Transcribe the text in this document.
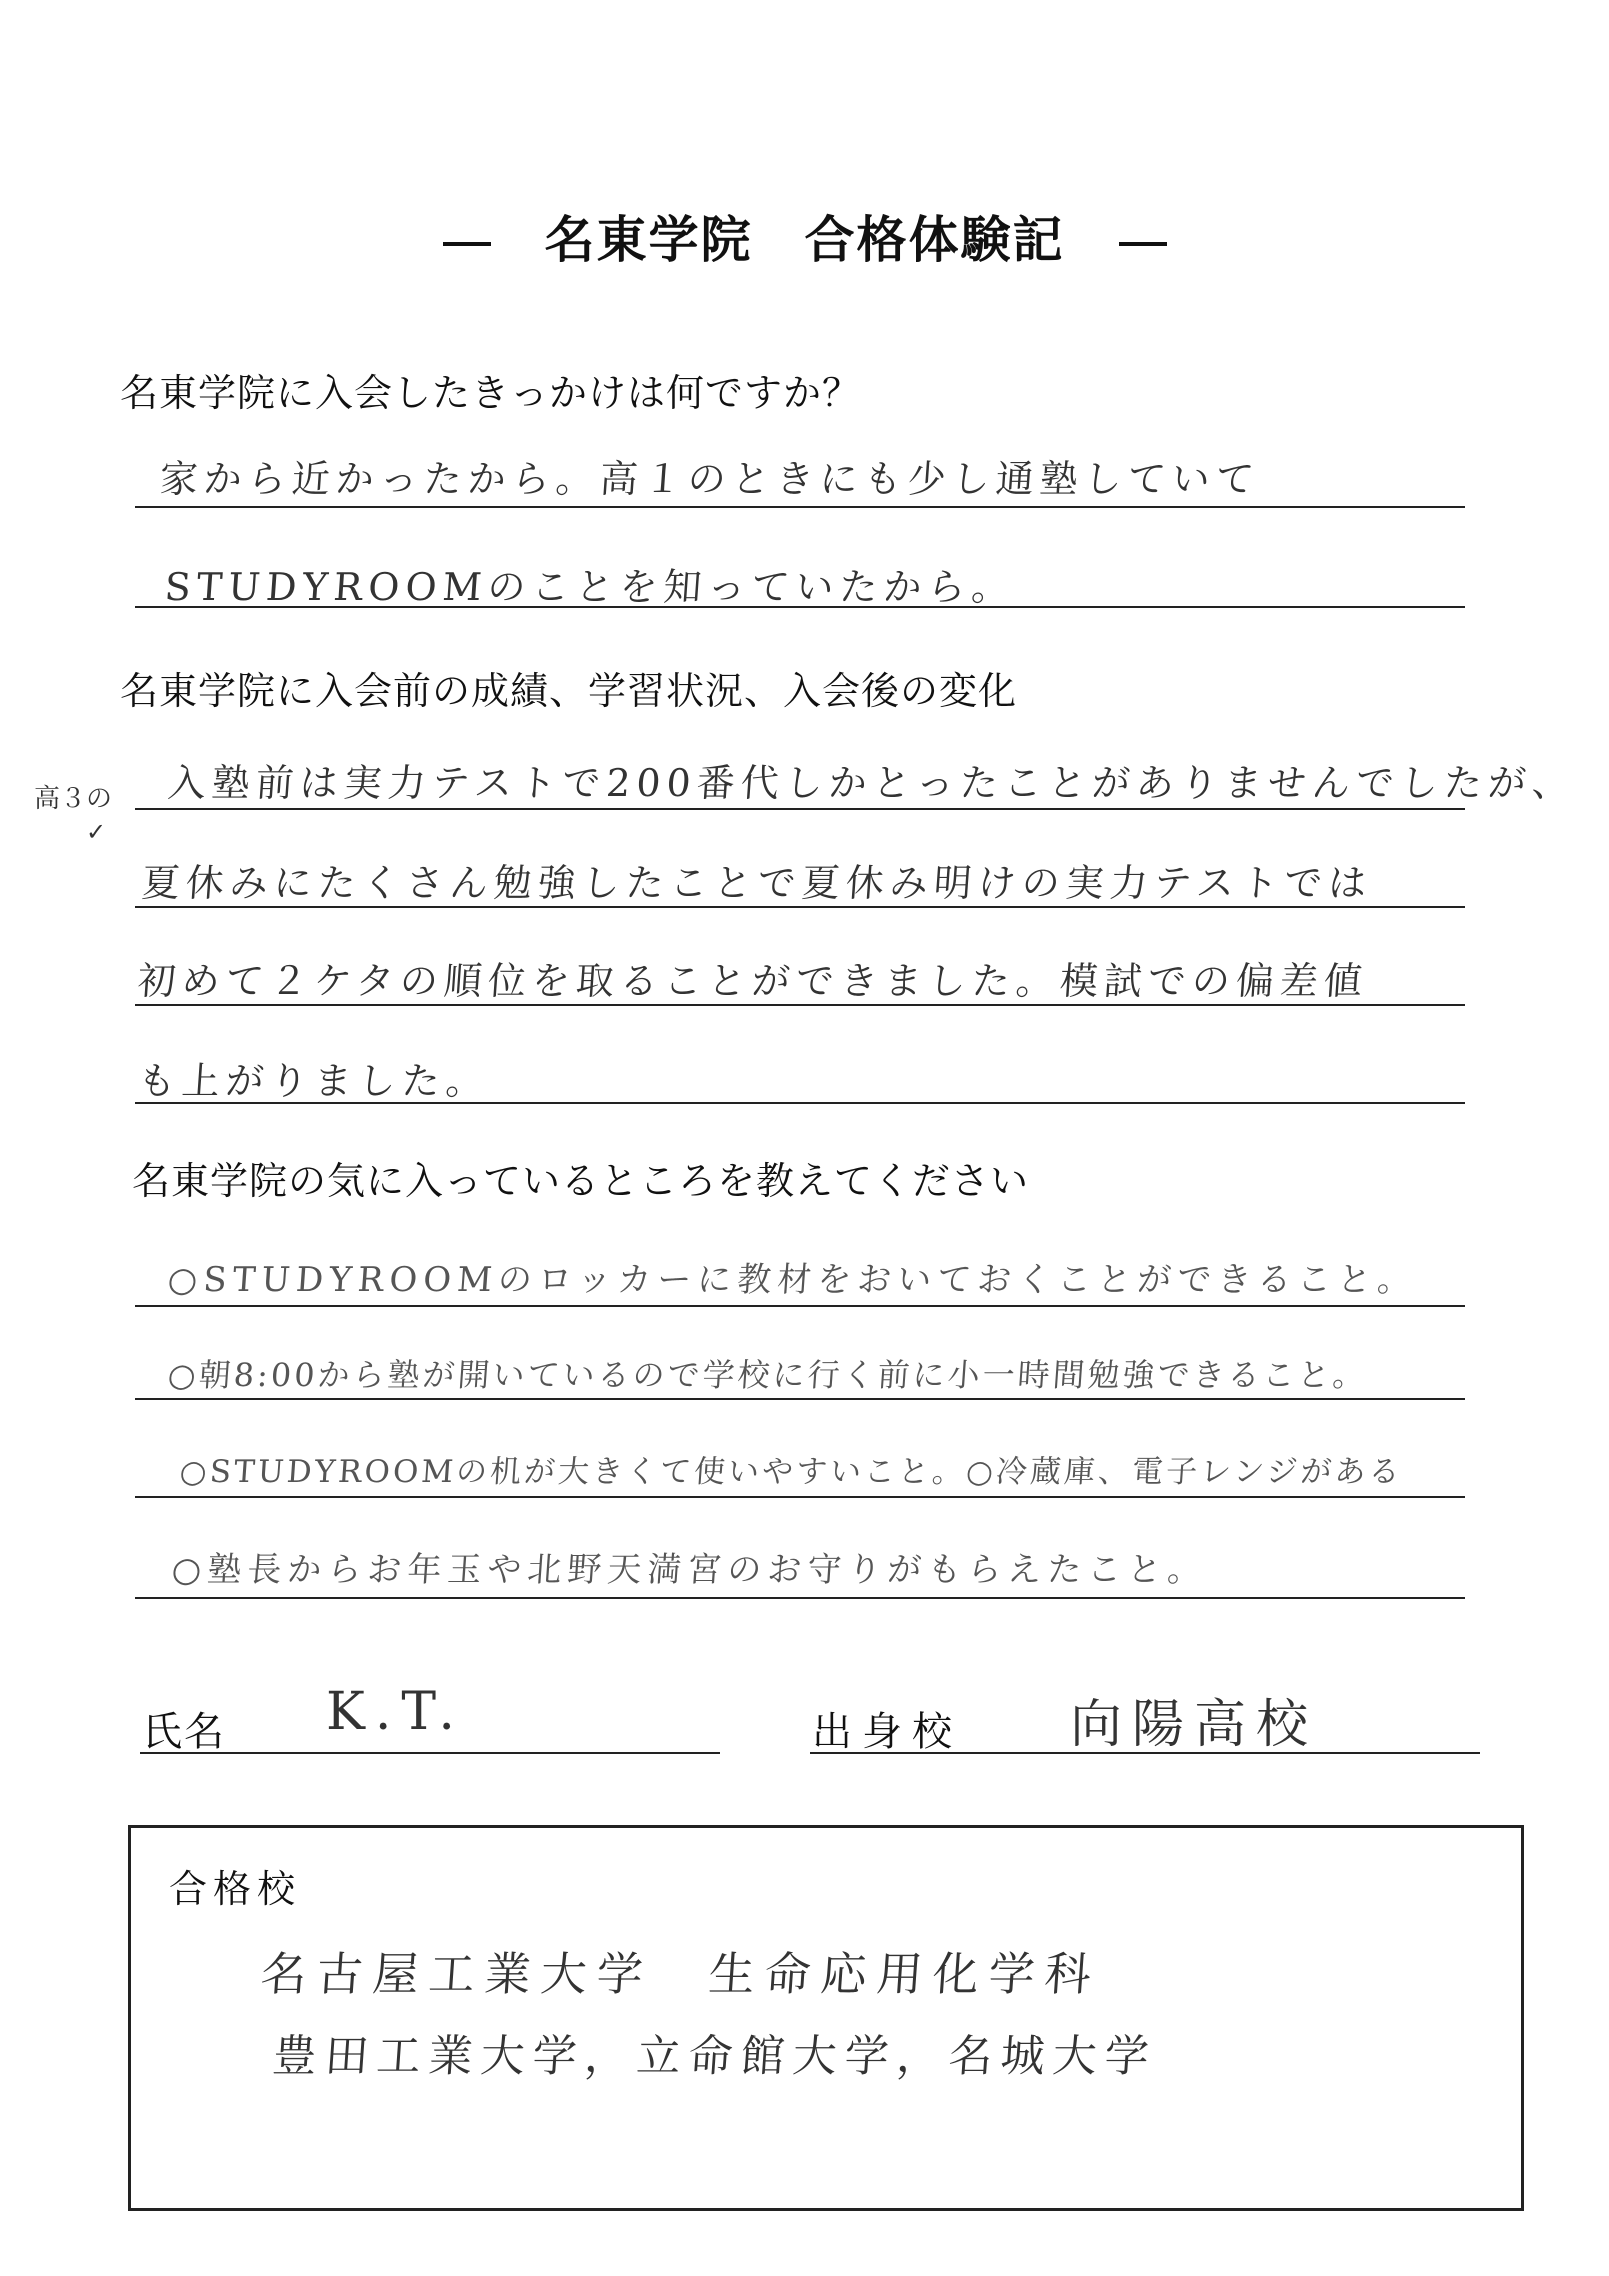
名東学院　合格体験記
名東学院に入会したきっかけは何ですか？
家から近かったから。高１のときにも少し通塾していて
STUDYROOMのことを知っていたから。
名東学院に入会前の成績、学習状況、入会後の変化
高３の
✓
入塾前は実力テストで200番代しかとったことがありませんでしたが、
夏休みにたくさん勉強したことで夏休み明けの実力テストでは
初めて２ケタの順位を取ることができました。模試での偏差値
も上がりました。
名東学院の気に入っているところを教えてください
○STUDYROOMのロッカーに教材をおいておくことができること。
○朝8:00から塾が開いているので学校に行く前に小一時間勉強できること。
○STUDYROOMの机が大きくて使いやすいこと。○冷蔵庫、電子レンジがある
○塾長からお年玉や北野天満宮のお守りがもらえたこと。
氏名 K.T.	出身校 向陽高校
合格校
名古屋工業大学　生命応用化学科
豊田工業大学，立命館大学，名城大学
